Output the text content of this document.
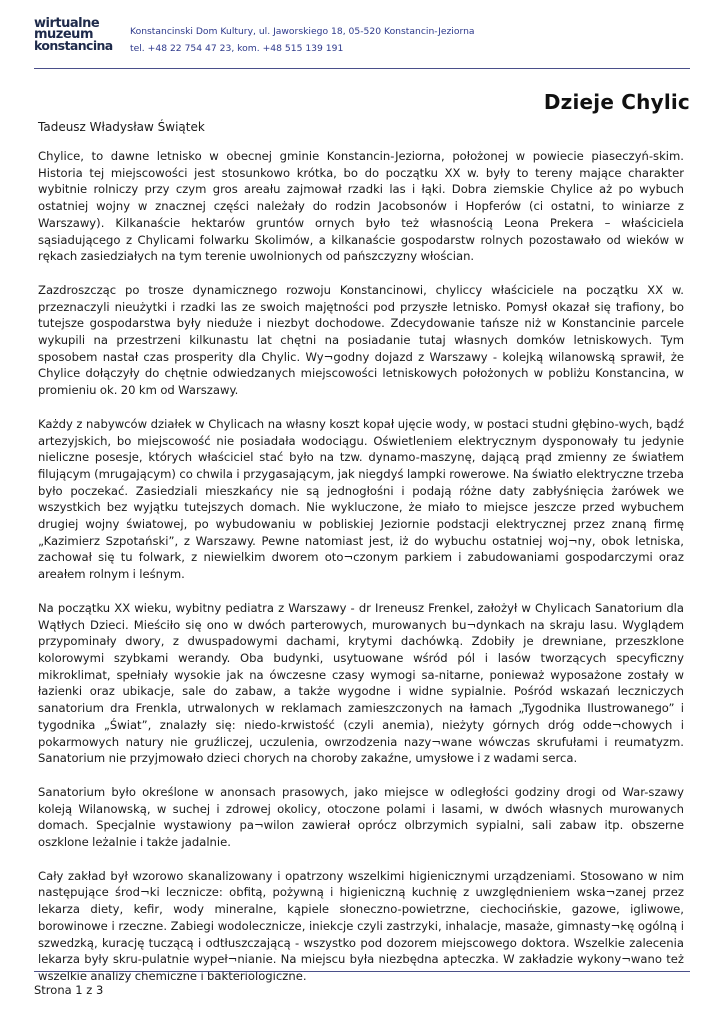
wirtualne
muzeum
konstancina
Konstancinski Dom Kultury, ul. Jaworskiego 18, 05-520 Konstancin-Jeziorna
tel. +48 22 754 47 23, kom. +48 515 139 191
Dzieje Chylic
Tadeusz Władysław Świątek

Chylice, to dawne letnisko w obecnej gminie Konstancin-Jeziorna, położonej w powiecie piaseczyń-skim. Historia tej miejscowości jest stosunkowo krótka, bo do początku XX w. były to tereny mające charakter wybitnie rolniczy przy czym gros areału zajmował rzadki las i łąki. Dobra ziemskie Chylice aż po wybuch ostatniej wojny w znacznej części należały do rodzin Jacobsonów i Hopferów (ci ostatni, to winiarze z Warszawy). Kilkanaście hektarów gruntów ornych było też własnością Leona Prekera – właściciela sąsiadującego z Chylicami folwarku Skolimów, a kilkanaście gospodarstw rolnych pozostawało od wieków w rękach zasiedziałych na tym terenie uwolnionych od pańszczyzny włościan.

Zazdroszcząc po trosze dynamicznego rozwoju Konstancinowi, chyliccy właściciele na początku XX w. przeznaczyli nieużytki i rzadki las ze swoich majętności pod przyszłe letnisko. Pomysł okazał się trafiony, bo tutejsze gospodarstwa były nieduże i niezbyt dochodowe. Zdecydowanie tańsze niż w Konstancinie parcele wykupili na przestrzeni kilkunastu lat chętni na posiadanie tutaj własnych domków letniskowych. Tym sposobem nastał czas prosperity dla Chylic. Wy¬godny dojazd z Warszawy - kolejką wilanowską sprawił, że Chylice dołączyły do chętnie odwiedzanych miejscowości letniskowych położonych w pobliżu Konstancina, w promieniu ok. 20 km od Warszawy.

Każdy z nabywców działek w Chylicach na własny koszt kopał ujęcie wody, w postaci studni głębino-wych, bądź artezyjskich, bo miejscowość nie posiadała wodociągu. Oświetleniem elektrycznym dysponowały tu jedynie nieliczne posesje, których właściciel stać było na tzw. dynamo-maszynę, dającą prąd zmienny ze światłem filującym (mrugającym) co chwila i przygasającym, jak niegdyś lampki rowerowe. Na światło elektryczne trzeba było poczekać. Zasiedziali mieszkańcy nie są jednogłośni i podają różne daty zabłyśnięcia żarówek we wszystkich bez wyjątku tutejszych domach. Nie wykluczone, że miało to miejsce jeszcze przed wybuchem drugiej wojny światowej, po wybudowaniu w pobliskiej Jeziornie podstacji elektrycznej przez znaną firmę „Kazimierz Szpotański”, z Warszawy. Pewne natomiast jest, iż do wybuchu ostatniej woj¬ny, obok letniska, zachował się tu folwark, z niewielkim dworem oto¬czonym parkiem i zabudowaniami gospodarczymi oraz areałem rolnym i leśnym.

Na początku XX wieku, wybitny pediatra z Warszawy - dr Ireneusz Frenkel, założył w Chylicach Sanatorium dla Wątłych Dzieci. Mieściło się ono w dwóch parterowych, murowanych bu¬dynkach na skraju lasu. Wyglądem przypominały dwory, z dwuspadowymi dachami, krytymi dachówką. Zdobiły je drewniane, przeszklone kolorowymi szybkami werandy. Oba budynki, usytuowane wśród pól i lasów tworzących specyficzny mikroklimat, spełniały wysokie jak na ówczesne czasy wymogi sa-nitarne, ponieważ wyposażone zostały w łazienki oraz ubikacje, sale do zabaw, a także wygodne i widne sypialnie. Pośród wskazań leczniczych sanatorium dra Frenkla, utrwalonych w reklamach zamieszczonych na łamach „Tygodnika Ilustrowanego” i tygodnika „Świat”, znalazły się: niedo-krwistość (czyli anemia), nieżyty górnych dróg odde¬chowych i pokarmowych natury nie gruźliczej, uczulenia, owrzodzenia nazy¬wane wówczas skrufułami i reumatyzm. Sanatorium nie przyjmowało dzieci chorych na choroby zakaźne, umysłowe i z wadami serca.

Sanatorium było określone w anonsach prasowych, jako miejsce w odległości godziny drogi od War-szawy koleją Wilanowską, w suchej i zdrowej okolicy, otoczone polami i lasami, w dwóch własnych murowanych domach. Specjalnie wystawiony pa¬wilon zawierał oprócz olbrzymich sypialni, sali zabaw itp. obszerne oszklone leżalnie i także jadalnie.

Cały zakład był wzorowo skanalizowany i opatrzony wszelkimi higienicznymi urządzeniami. Stosowano w nim następujące środ¬ki lecznicze: obfitą, pożywną i higieniczną kuchnię z uwzględnieniem wska¬zanej przez lekarza diety, kefir, wody mineralne, kąpiele słoneczno-powietrzne, ciechocińskie, gazowe, igliwowe, borowinowe i rzeczne. Zabiegi wodolecznicze, iniekcje czyli zastrzyki, inhalacje, masaże, gimnasty¬kę ogólną i szwedzką, kurację tuczącą i odtłuszczającą - wszystko pod dozorem miejscowego doktora. Wszelkie zalecenia lekarza były skru-pulatnie wypeł¬nianie. Na miejscu była niezbędna apteczka. W zakładzie wykony¬wano też wszelkie analizy chemiczne i bakteriologiczne.

Strona 1 z 3
